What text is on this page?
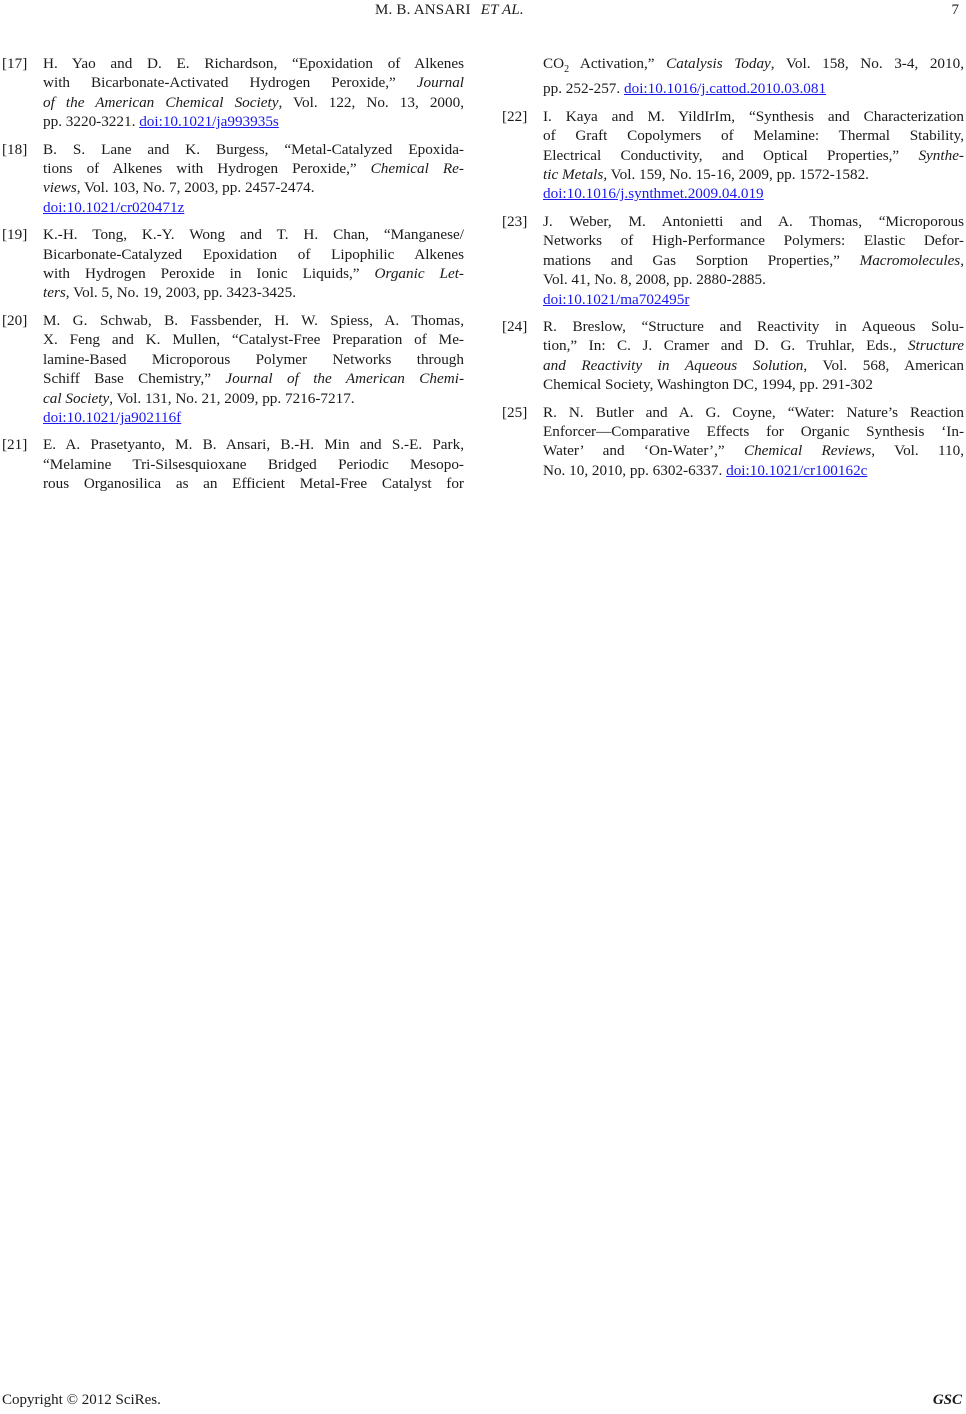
M. B. ANSARI ET AL.	7
[17] H. Yao and D. E. Richardson, “Epoxidation of Alkenes
with Bicarbonate-Activated Hydrogen Peroxide,” Journal
of the American Chemical Society, Vol. 122, No. 13, 2000,
pp. 3220-3221. doi:10.1021/ja993935s
[18] B. S. Lane and K. Burgess, “Metal-Catalyzed Epoxida-
tions of Alkenes with Hydrogen Peroxide,” Chemical Re-
views, Vol. 103, No. 7, 2003, pp. 2457-2474.
doi:10.1021/cr020471z
[19] K.-H. Tong, K.-Y. Wong and T. H. Chan, “Manganese/
Bicarbonate-Catalyzed Epoxidation of Lipophilic Alkenes
with Hydrogen Peroxide in Ionic Liquids,” Organic Let-
ters, Vol. 5, No. 19, 2003, pp. 3423-3425.
[20] M. G. Schwab, B. Fassbender, H. W. Spiess, A. Thomas,
X. Feng and K. Mullen, “Catalyst-Free Preparation of Me-
lamine-Based Microporous Polymer Networks through
Schiff Base Chemistry,” Journal of the American Chemi-
cal Society, Vol. 131, No. 21, 2009, pp. 7216-7217.
doi:10.1021/ja902116f
[21] E. A. Prasetyanto, M. B. Ansari, B.-H. Min and S.-E. Park,
“Melamine Tri-Silsesquioxane Bridged Periodic Mesopo-
rous Organosilica as an Efficient Metal-Free Catalyst for
$CO_2$ Activation,” Catalysis Today, Vol. 158, No. 3-4, 2010,
pp. 252-257. doi:10.1016/j.cattod.2010.03.081
[22] I. Kaya and M. YildIrIm, “Synthesis and Characterization
of Graft Copolymers of Melamine: Thermal Stability,
Electrical Conductivity, and Optical Properties,” Synthe-
tic Metals, Vol. 159, No. 15-16, 2009, pp. 1572-1582.
doi:10.1016/j.synthmet.2009.04.019
[23] J. Weber, M. Antonietti and A. Thomas, “Microporous
Networks of High-Performance Polymers: Elastic Defor-
mations and Gas Sorption Properties,” Macromolecules,
Vol. 41, No. 8, 2008, pp. 2880-2885.
doi:10.1021/ma702495r
[24] R. Breslow, “Structure and Reactivity in Aqueous Solu-
tion,” In: C. J. Cramer and D. G. Truhlar, Eds., Structure
and Reactivity in Aqueous Solution, Vol. 568, American
Chemical Society, Washington DC, 1994, pp. 291-302
[25] R. N. Butler and A. G. Coyne, “Water: Nature’s Reaction
Enforcer—Comparative Effects for Organic Synthesis ‘In-
Water’ and ‘On-Water’,” Chemical Reviews, Vol. 110,
No. 10, 2010, pp. 6302-6337. doi:10.1021/cr100162c
Copyright © 2012 SciRes.	GSC
